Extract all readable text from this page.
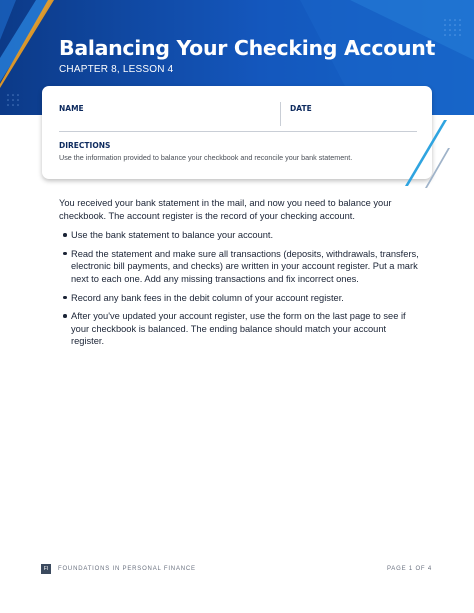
Balancing Your Checking Account
CHAPTER 8, LESSON 4
NAME	DATE
DIRECTIONS
Use the information provided to balance your checkbook and reconcile your bank statement.

You received your bank statement in the mail, and now you need to balance your checkbook. The account register is the record of your checking account.

Use the bank statement to balance your account.
Read the statement and make sure all transactions (deposits, withdrawals, transfers, electronic bill payments, and checks) are written in your account register. Put a mark next to each one. Add any missing transactions and fix incorrect ones.
Record any bank fees in the debit column of your account register.
After you've updated your account register, use the form on the last page to see if your checkbook is balanced. The ending balance should match your account register.
FI	FOUNDATIONS IN PERSONAL FINANCE	PAGE 1 OF 4
